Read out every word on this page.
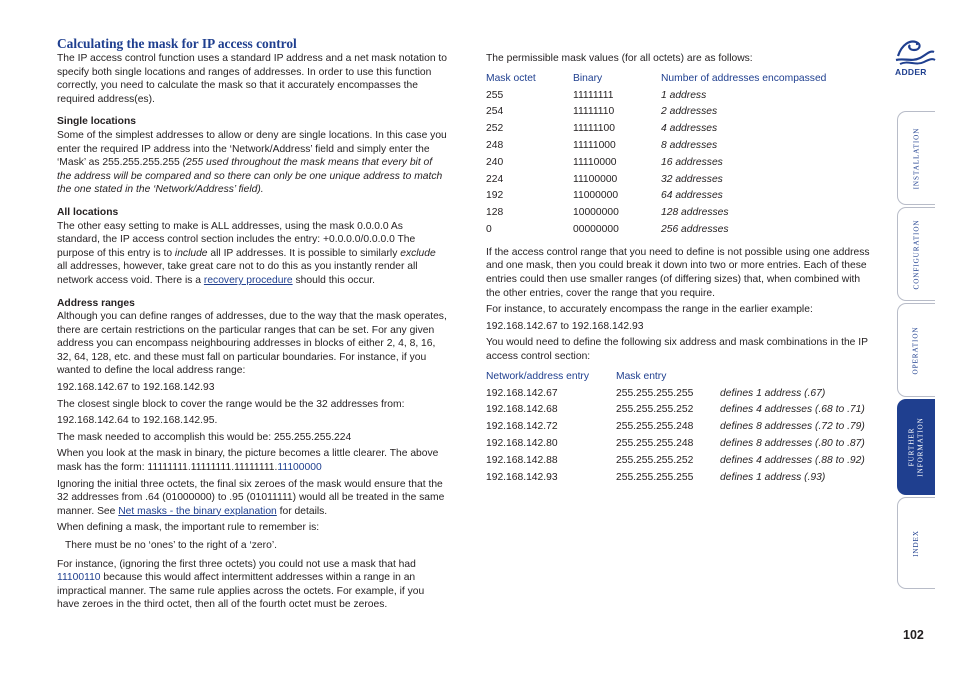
ADDER
Calculating the mask for IP access control

The IP access control function uses a standard IP address and a net mask notation to specify both single locations and ranges of addresses. In order to use this function correctly, you need to calculate the mask so that it accurately encompasses the required address(es).

Single locations

Some of the simplest addresses to allow or deny are single locations. In this case you enter the required IP address into the ‘Network/Address’ field and simply enter the ‘Mask’ as 255.255.255.255 (255 used throughout the mask means that every bit of the address will be compared and so there can only be one unique address to match the one stated in the ‘Network/Address’ field).

All locations

The other easy setting to make is ALL addresses, using the mask 0.0.0.0 As standard, the IP access control section includes the entry: +0.0.0.0/0.0.0.0 The purpose of this entry is to include all IP addresses. It is possible to similarly exclude all addresses, however, take great care not to do this as you instantly render all network access void. There is a recovery procedure should this occur.

Address ranges

Although you can define ranges of addresses, due to the way that the mask operates, there are certain restrictions on the particular ranges that can be set. For any given address you can encompass neighbouring addresses in blocks of either 2, 4, 8, 16, 32, 64, 128, etc. and these must fall on particular boundaries. For instance, if you wanted to define the local address range:

192.168.142.67 to 192.168.142.93

The closest single block to cover the range would be the 32 addresses from:

192.168.142.64 to 192.168.142.95.

The mask needed to accomplish this would be: 255.255.255.224

When you look at the mask in binary, the picture becomes a little clearer. The above mask has the form: 11111111.11111111.11111111.11100000

Ignoring the initial three octets, the final six zeroes of the mask would ensure that the 32 addresses from .64 (01000000) to .95 (01011111) would all be treated in the same manner. See Net masks - the binary explanation for details.

When defining a mask, the important rule to remember is:

There must be no ‘ones’ to the right of a ‘zero’.

For instance, (ignoring the first three octets) you could not use a mask that had 11100110 because this would affect intermittent addresses within a range in an impractical manner. The same rule applies across the octets. For example, if you have zeroes in the third octet, then all of the fourth octet must be zeroes.

The permissible mask values (for all octets) are as follows:

Mask octet	Binary	Number of addresses encompassed
255	11111111	1 address
254	11111110	2 addresses
252	11111100	4 addresses
248	11111000	8 addresses
240	11110000	16 addresses
224	11100000	32 addresses
192	11000000	64 addresses
128	10000000	128 addresses
0	00000000	256 addresses

If the access control range that you need to define is not possible using one address and one mask, then you could break it down into two or more entries. Each of these entries could then use smaller ranges (of differing sizes) that, when combined with the other entries, cover the range that you require.

For instance, to accurately encompass the range in the earlier example:

192.168.142.67 to 192.168.142.93

You would need to define the following six address and mask combinations in the IP access control section:

Network/address entry	Mask entry	
192.168.142.67	255.255.255.255	defines 1 address (.67)
192.168.142.68	255.255.255.252	defines 4 addresses (.68 to .71)
192.168.142.72	255.255.255.248	defines 8 addresses (.72 to .79)
192.168.142.80	255.255.255.248	defines 8 addresses (.80 to .87)
192.168.142.88	255.255.255.252	defines 4 addresses (.88 to .92)
192.168.142.93	255.255.255.255	defines 1 address (.93)
INSTALLATION
CONFIGURATION
OPERATION
FURTHER
INFORMATION
INDEX
102
